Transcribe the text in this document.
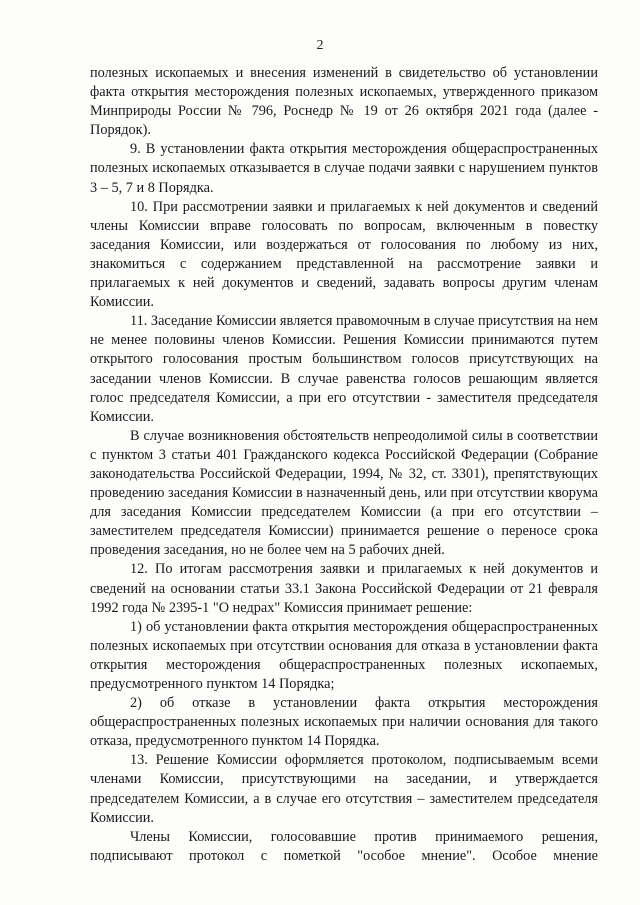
2

полезных ископаемых и внесения изменений в свидетельство об установлении факта открытия месторождения полезных ископаемых, утвержденного приказом Минприроды России № 796, Роснедр № 19 от 26 октября 2021 года (далее - Порядок).

9. В установлении факта открытия месторождения общераспространенных полезных ископаемых отказывается в случае подачи заявки с нарушением пунктов 3 – 5, 7 и 8 Порядка.

10. При рассмотрении заявки и прилагаемых к ней документов и сведений члены Комиссии вправе голосовать по вопросам, включенным в повестку заседания Комиссии, или воздержаться от голосования по любому из них, знакомиться с содержанием представленной на рассмотрение заявки и прилагаемых к ней документов и сведений, задавать вопросы другим членам Комиссии.

11. Заседание Комиссии является правомочным в случае присутствия на нем не менее половины членов Комиссии. Решения Комиссии принимаются путем открытого голосования простым большинством голосов присутствующих на заседании членов Комиссии. В случае равенства голосов решающим является голос председателя Комиссии, а при его отсутствии - заместителя председателя Комиссии.

В случае возникновения обстоятельств непреодолимой силы в соответствии с пунктом 3 статьи 401 Гражданского кодекса Российской Федерации (Собрание законодательства Российской Федерации, 1994, № 32, ст. 3301), препятствующих проведению заседания Комиссии в назначенный день, или при отсутствии кворума для заседания Комиссии председателем Комиссии (а при его отсутствии – заместителем председателя Комиссии) принимается решение о переносе срока проведения заседания, но не более чем на 5 рабочих дней.

12. По итогам рассмотрения заявки и прилагаемых к ней документов и сведений на основании статьи 33.1 Закона Российской Федерации от 21 февраля 1992 года № 2395-1 "О недрах" Комиссия принимает решение:

1) об установлении факта открытия месторождения общераспространенных полезных ископаемых при отсутствии основания для отказа в установлении факта открытия месторождения общераспространенных полезных ископаемых, предусмотренного пунктом 14 Порядка;

2) об отказе в установлении факта открытия месторождения общераспространенных полезных ископаемых при наличии основания для такого отказа, предусмотренного пунктом 14 Порядка.

13. Решение Комиссии оформляется протоколом, подписываемым всеми членами Комиссии, присутствующими на заседании, и утверждается председателем Комиссии, а в случае его отсутствия – заместителем председателя Комиссии.

Члены Комиссии, голосовавшие против принимаемого решения, подписывают протокол с пометкой "особое мнение". Особое мнение
